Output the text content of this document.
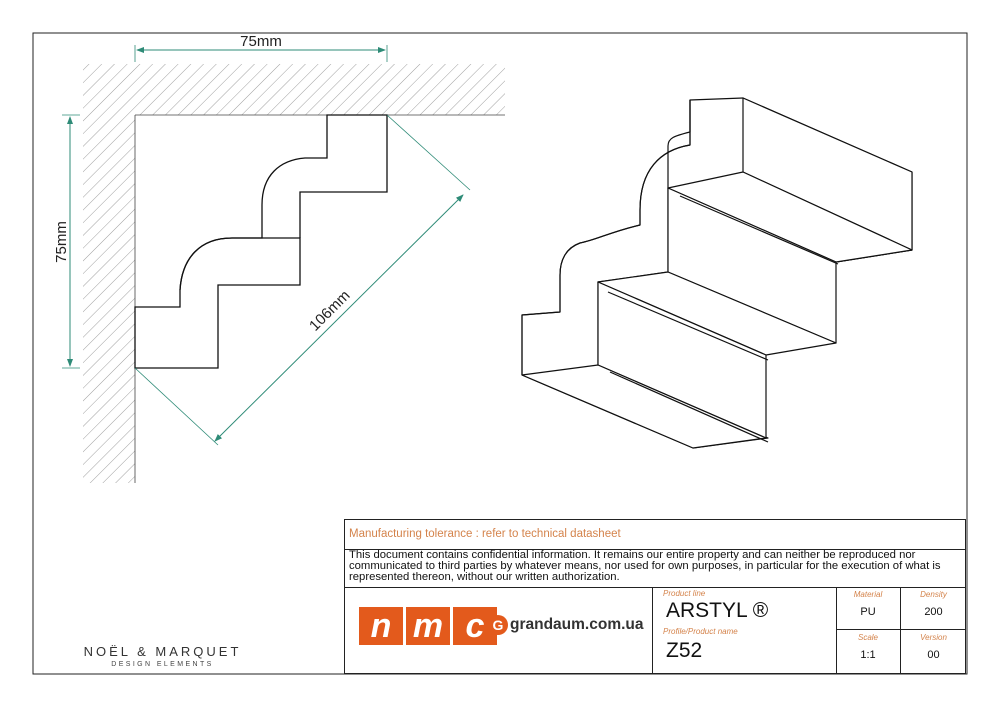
75mm
75mm
106mm
NOËL & MARQUET
DESIGN ELEMENTS
Manufacturing tolerance : refer to technical datasheet

This document contains confidential information. It remains our entire property and can neither be reproduced nor communicated to third parties by whatever means, nor used for own purposes, in particular for the execution of what is represented thereon, without our written authorization.

n m c G grandaum.com.ua
Product line
ARSTYL ®
Profile/Product name
Z52
Material
PU
Density
200
Scale
1:1
Version
00
